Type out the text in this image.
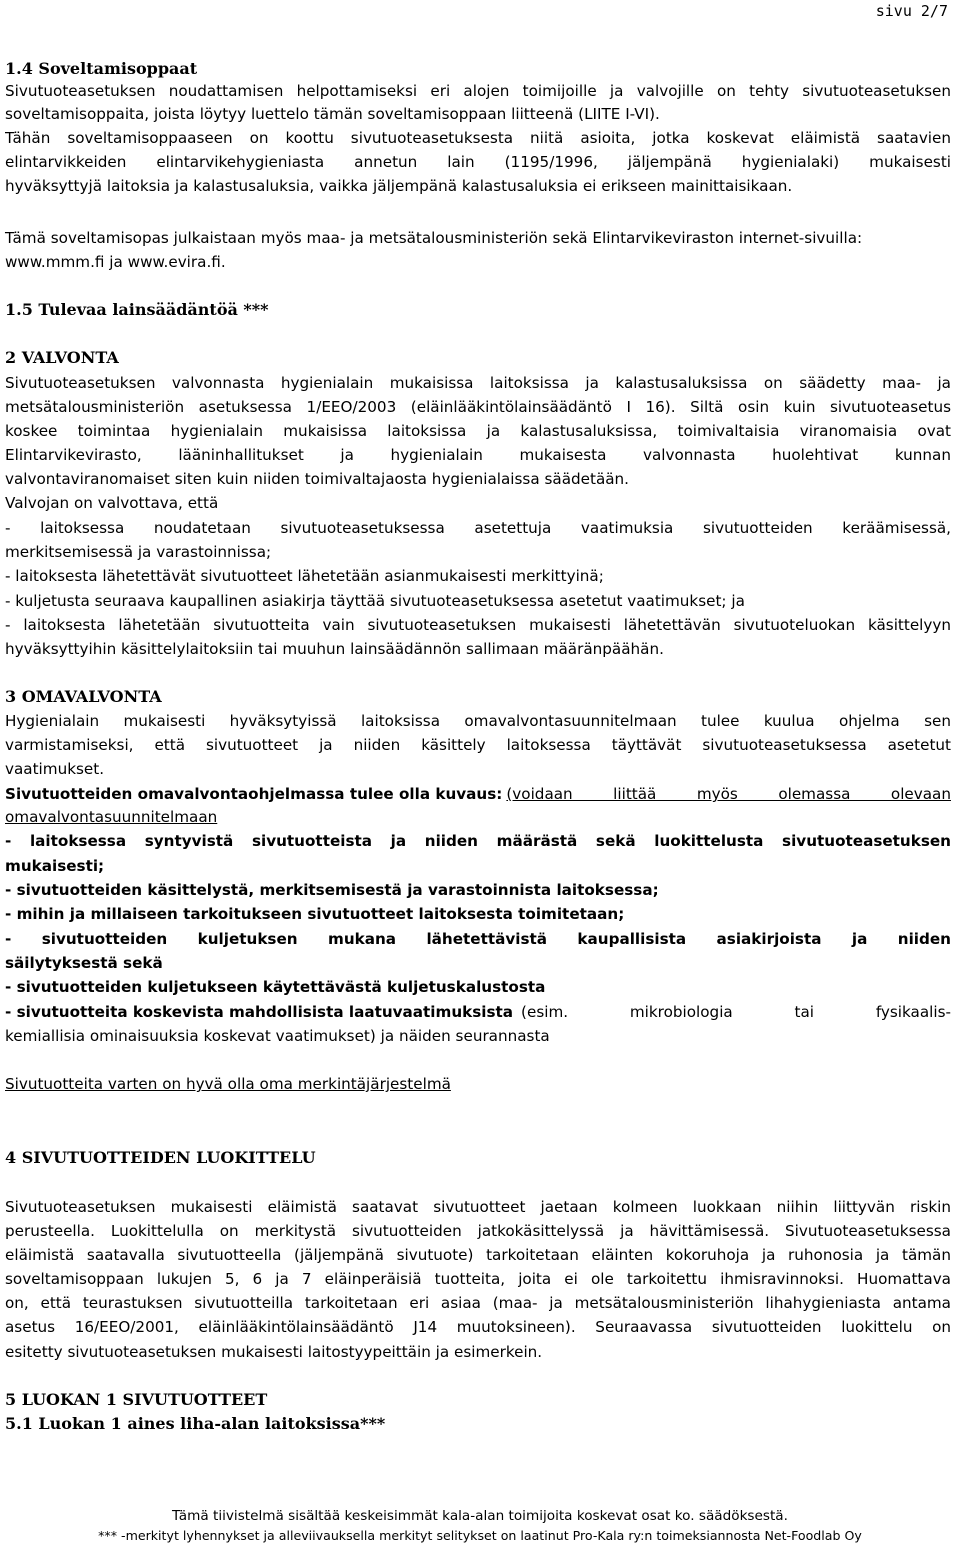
sivu 2/7
1.4 Soveltamisoppaat
Sivutuoteasetuksen noudattamisen helpottamiseksi eri alojen toimijoille ja valvojille on tehty sivutuoteasetuksen
soveltamisoppaita, joista löytyy luettelo tämän soveltamisoppaan liitteenä (LIITE I-VI).
Tähän soveltamisoppaaseen on koottu sivutuoteasetuksesta niitä asioita, jotka koskevat eläimistä saatavien
elintarvikkeiden elintarvikehygieniasta annetun lain (1195/1996, jäljempänä hygienialaki) mukaisesti
hyväksyttyjä laitoksia ja kalastusaluksia, vaikka jäljempänä kalastusaluksia ei erikseen mainittaisikaan.
Tämä soveltamisopas julkaistaan myös maa- ja metsätalousministeriön sekä Elintarvikeviraston internet-sivuilla:
www.mmm.fi ja www.evira.fi.
1.5 Tulevaa lainsäädäntöä ***
2 VALVONTA
Sivutuoteasetuksen valvonnasta hygienialain mukaisissa laitoksissa ja kalastusaluksissa on säädetty maa- ja
metsätalousministeriön asetuksessa 1/EEO/2003 (eläinlääkintölainsäädäntö I 16). Siltä osin kuin sivutuoteasetus
koskee toimintaa hygienialain mukaisissa laitoksissa ja kalastusaluksissa, toimivaltaisia viranomaisia ovat
Elintarvikevirasto, lääninhallitukset ja hygienialain mukaisesta valvonnasta huolehtivat kunnan
valvontaviranomaiset siten kuin niiden toimivaltajaosta hygienialaissa säädetään.
Valvojan on valvottava, että
- laitoksessa noudatetaan sivutuoteasetuksessa asetettuja vaatimuksia sivutuotteiden keräämisessä,
merkitsemisessä ja varastoinnissa;
- laitoksesta lähetettävät sivutuotteet lähetetään asianmukaisesti merkittyinä;
- kuljetusta seuraava kaupallinen asiakirja täyttää sivutuoteasetuksessa asetetut vaatimukset; ja
- laitoksesta lähetetään sivutuotteita vain sivutuoteasetuksen mukaisesti lähetettävän sivutuoteluokan käsittelyyn
hyväksyttyihin käsittelylaitoksiin tai muuhun lainsäädännön sallimaan määränpäähän.
3 OMAVALVONTA
Hygienialain mukaisesti hyväksytyissä laitoksissa omavalvontasuunnitelmaan tulee kuulua ohjelma sen
varmistamiseksi, että sivutuotteet ja niiden käsittely laitoksessa täyttävät sivutuoteasetuksessa asetetut
vaatimukset.
Sivutuotteiden omavalvontaohjelmassa tulee olla kuvaus: (voidaan liittää myös olemassa olevaan
omavalvontasuunnitelmaan
- laitoksessa syntyvistä sivutuotteista ja niiden määrästä sekä luokittelusta sivutuoteasetuksen
mukaisesti;
- sivutuotteiden käsittelystä, merkitsemisestä ja varastoinnista laitoksessa;
- mihin ja millaiseen tarkoitukseen sivutuotteet laitoksesta toimitetaan;
- sivutuotteiden kuljetuksen mukana lähetettävistä kaupallisista asiakirjoista ja niiden
säilytyksestä sekä
- sivutuotteiden kuljetukseen käytettävästä kuljetuskalustosta
- sivutuotteita koskevista mahdollisista laatuvaatimuksista (esim. mikrobiologia tai fysikaalis-
kemiallisia ominaisuuksia koskevat vaatimukset) ja näiden seurannasta
Sivutuotteita varten on hyvä olla oma merkintäjärjestelmä
4 SIVUTUOTTEIDEN LUOKITTELU
Sivutuoteasetuksen mukaisesti eläimistä saatavat sivutuotteet jaetaan kolmeen luokkaan niihin liittyvän riskin
perusteella. Luokittelulla on merkitystä sivutuotteiden jatkokäsittelyssä ja hävittämisessä. Sivutuoteasetuksessa
eläimistä saatavalla sivutuotteella (jäljempänä sivutuote) tarkoitetaan eläinten kokoruhoja ja ruhonosia ja tämän
soveltamisoppaan lukujen 5, 6 ja 7 eläinperäisiä tuotteita, joita ei ole tarkoitettu ihmisravinnoksi. Huomattava
on, että teurastuksen sivutuotteilla tarkoitetaan eri asiaa (maa- ja metsätalousministeriön lihahygieniasta antama
asetus 16/EEO/2001, eläinlääkintölainsäädäntö J14 muutoksineen). Seuraavassa sivutuotteiden luokittelu on
esitetty sivutuoteasetuksen mukaisesti laitostyypeittäin ja esimerkein.
5 LUOKAN 1 SIVUTUOTTEET
5.1 Luokan 1 aines liha-alan laitoksissa***
Tämä tiivistelmä sisältää keskeisimmät kala-alan toimijoita koskevat osat ko. säädöksestä.
*** -merkityt lyhennykset ja alleviivauksella merkityt selitykset on laatinut Pro-Kala ry:n toimeksiannosta Net-Foodlab Oy
